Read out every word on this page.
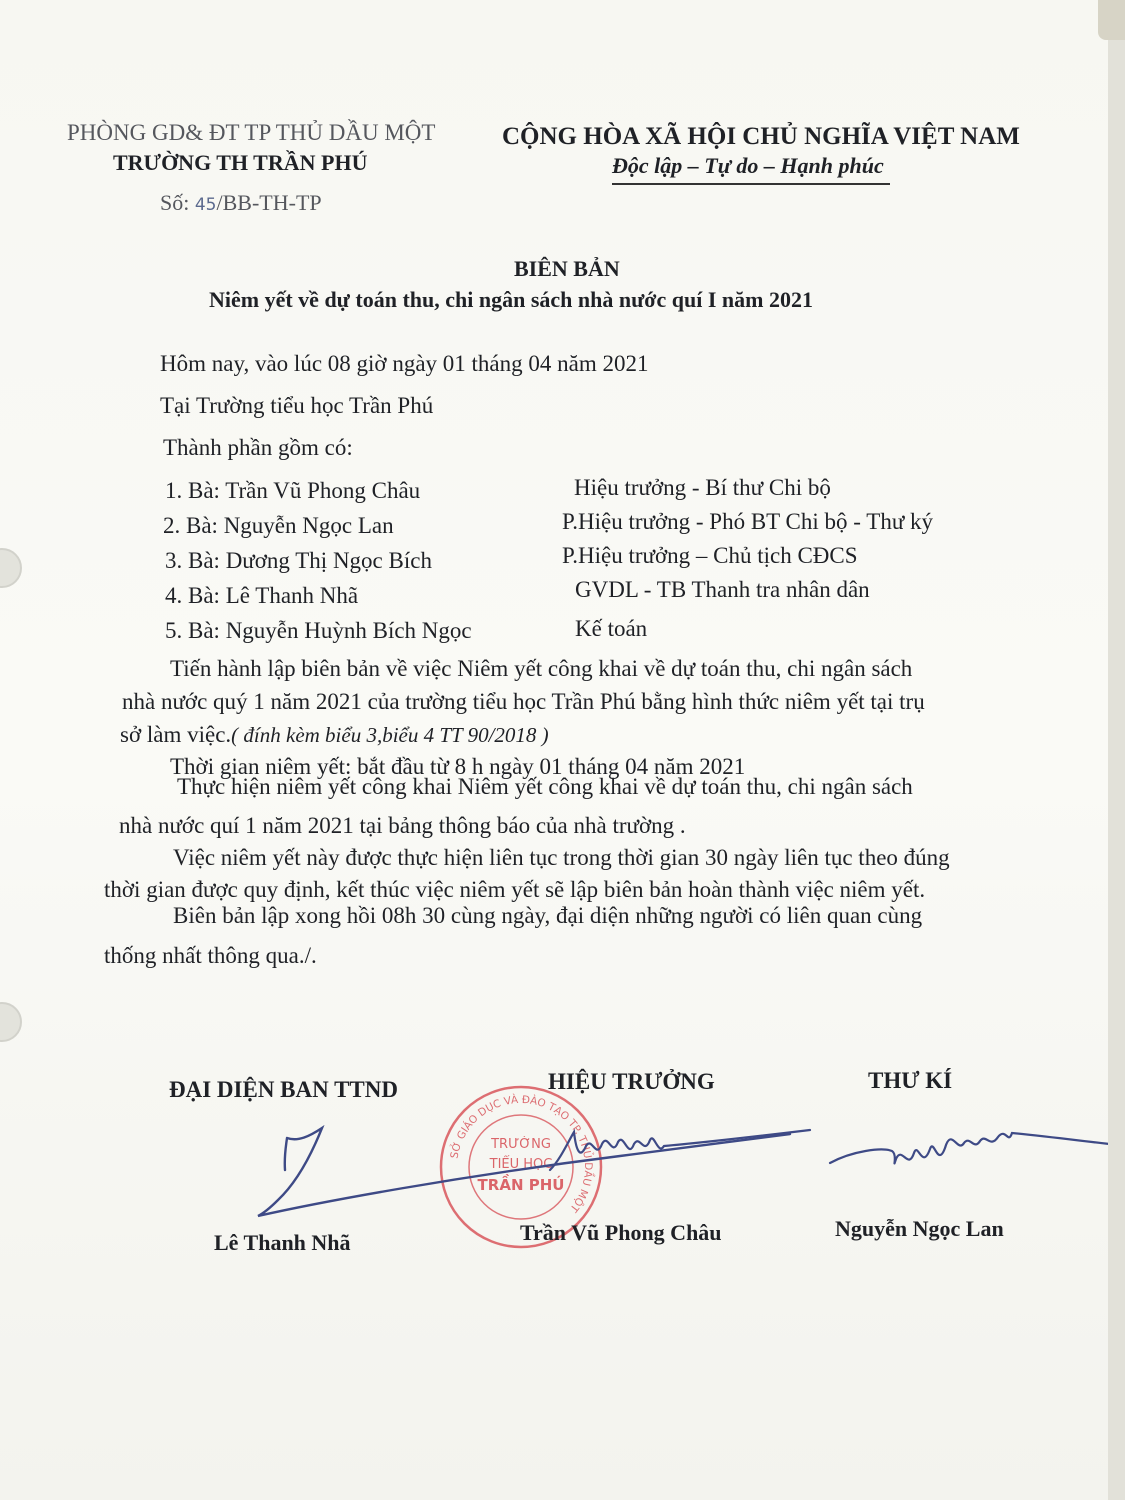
PHÒNG GD& ĐT TP THỦ DẦU MỘT
TRƯỜNG TH TRẦN PHÚ
Số: 45/BB-TH-TP
CỘNG HÒA XÃ HỘI CHỦ NGHĨA VIỆT NAM
Độc lập – Tự do – Hạnh phúc
BIÊN BẢN
Niêm yết về dự toán thu, chi ngân sách nhà nước quí I năm 2021
Hôm nay, vào lúc 08 giờ ngày 01 tháng 04 năm 2021
Tại Trường tiểu học Trần Phú
Thành phần gồm có:
1. Bà: Trần Vũ Phong Châu	Hiệu trưởng - Bí thư Chi bộ
2. Bà: Nguyễn Ngọc Lan	P.Hiệu trưởng - Phó BT Chi bộ - Thư ký
3. Bà: Dương Thị Ngọc Bích	P.Hiệu trưởng – Chủ tịch CĐCS
4. Bà: Lê Thanh Nhã	GVDL - TB Thanh tra nhân dân
5. Bà: Nguyễn Huỳnh Bích Ngọc	Kế toán
Tiến hành lập biên bản về việc Niêm yết công khai về dự toán thu, chi ngân sách
nhà nước quý 1 năm 2021 của trường tiểu học Trần Phú bằng hình thức niêm yết tại trụ
sở làm việc.( đính kèm biểu 3,biểu 4 TT 90/2018 )
Thời gian niêm yết: bắt đầu từ 8 h ngày 01 tháng 04 năm 2021
Thực hiện niêm yết công khai Niêm yết công khai về dự toán thu, chi ngân sách
nhà nước quí 1 năm 2021 tại bảng thông báo của nhà trường .
Việc niêm yết này được thực hiện liên tục trong thời gian 30 ngày liên tục theo đúng
thời gian được quy định, kết thúc việc niêm yết sẽ lập biên bản hoàn thành việc niêm yết.
Biên bản lập xong hồi 08h 30 cùng ngày, đại diện những người có liên quan cùng
thống nhất thông qua./.
ĐẠI DIỆN BAN TTND	HIỆU TRƯỞNG	THƯ KÍ
SỞ GIÁO DỤC VÀ ĐÀO TẠO TP. THỦ DẦU MỘT
TRƯỜNG
TIỂU HỌC
TRẦN PHÚ
Lê Thanh Nhã	Trần Vũ Phong Châu	Nguyễn Ngọc Lan
